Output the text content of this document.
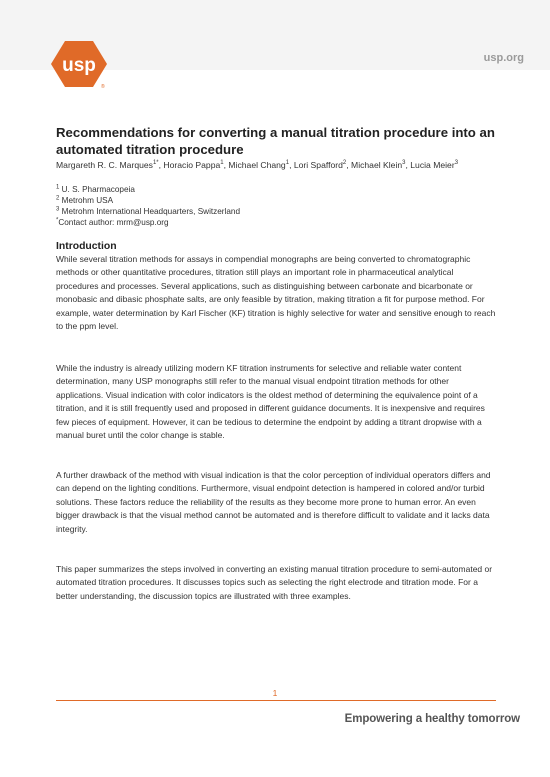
usp
®
usp.org
Recommendations for converting a manual titration procedure into an automated titration procedure
Margareth R. C. Marques$^{1*}$, Horacio Pappa$^1$, Michael Chang$^1$, Lori Spafford$^2$, Michael Klein$^3$, Lucia Meier$^3$
$^1$ U. S. Pharmacopeia
$^2$ Metrohm USA
$^3$ Metrohm International Headquarters, Switzerland
*Contact author: mrm@usp.org
Introduction

While several titration methods for assays in compendial monographs are being converted to chromatographic methods or other quantitative procedures, titration still plays an important role in pharmaceutical analytical procedures and processes. Several applications, such as distinguishing between carbonate and bicarbonate or monobasic and dibasic phosphate salts, are only feasible by titration, making titration a fit for purpose method. For example, water determination by Karl Fischer (KF) titration is highly selective for water and sensitive enough to reach to the ppm level.

While the industry is already utilizing modern KF titration instruments for selective and reliable water content determination, many USP monographs still refer to the manual visual endpoint titration methods for other applications. Visual indication with color indicators is the oldest method of determining the equivalence point of a titration, and it is still frequently used and proposed in different guidance documents. It is inexpensive and requires few pieces of equipment. However, it can be tedious to determine the endpoint by adding a titrant dropwise with a manual buret until the color change is stable.

A further drawback of the method with visual indication is that the color perception of individual operators differs and can depend on the lighting conditions. Furthermore, visual endpoint detection is hampered in colored and/or turbid solutions. These factors reduce the reliability of the results as they become more prone to human error. An even bigger drawback is that the visual method cannot be automated and is therefore difficult to validate and it lacks data integrity.

This paper summarizes the steps involved in converting an existing manual titration procedure to semi-automated or automated titration procedures. It discusses topics such as selecting the right electrode and titration mode. For a better understanding, the discussion topics are illustrated with three examples.

1
Empowering a healthy tomorrow
